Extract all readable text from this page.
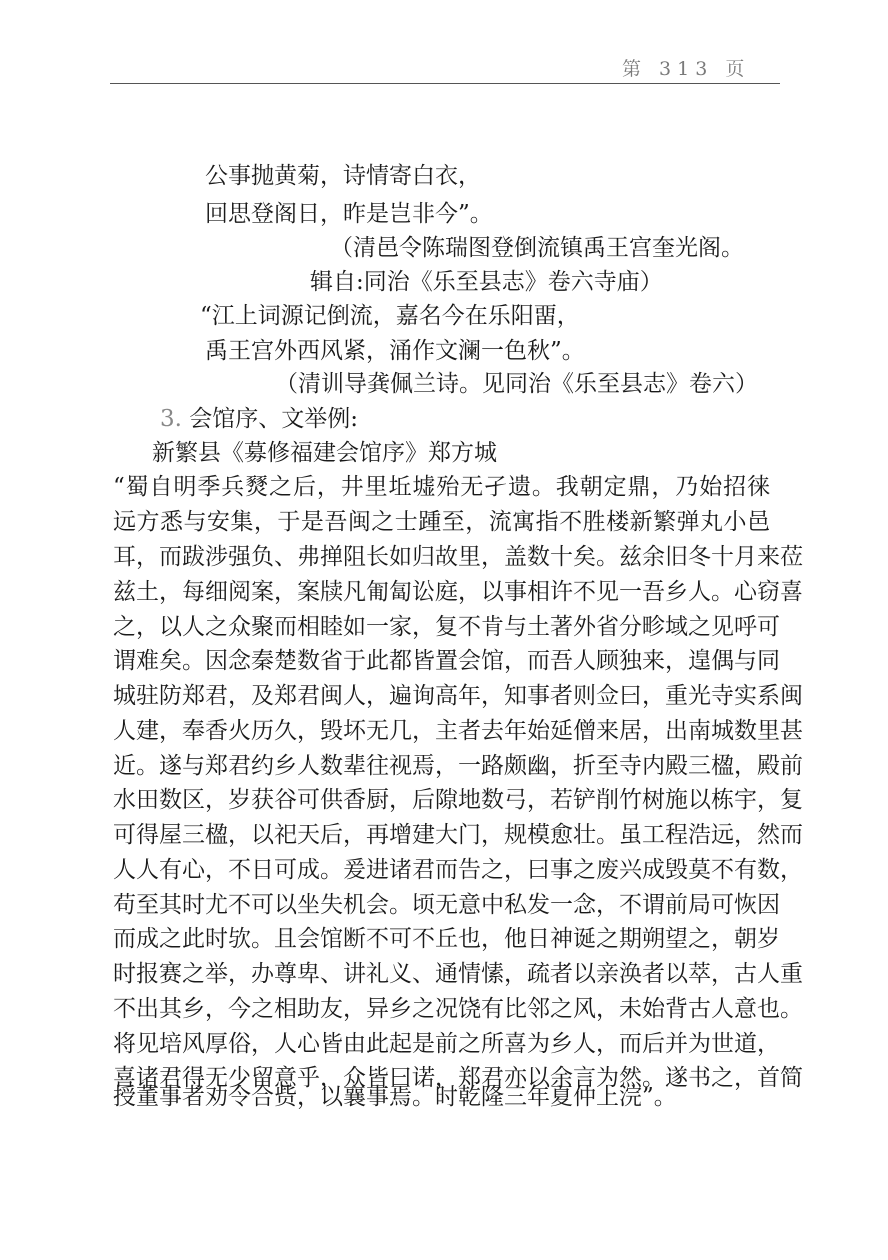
第 313 页
公事抛黄菊，诗情寄白衣，
回思登阁日，昨是岂非今”。
（清邑令陈瑞图登倒流镇禹王宫奎光阁。
辑自:同治《乐至县志》卷六寺庙）
“江上词源记倒流，嘉名今在乐阳畱，
禹王宫外西风紧，涌作文澜一色秋”。
（清训导龚佩兰诗。见同治《乐至县志》卷六）
3. 会馆序、文举例:
新繁县《募修福建会馆序》郑方城
“蜀自明季兵燹之后，井里坵墟殆无孑遗。我朝定鼎，乃始招徕
远方悉与安集，于是吾闽之士踵至，流寓指不胜楼新繁弹丸小邑
耳，而跋涉强负、弗掸阻长如归故里，盖数十矣。兹余旧冬十月来莅
兹土，每细阅案，案牍凡匍匐讼庭，以事相许不见一吾乡人。心窃喜
之，以人之众聚而相睦如一家，复不肯与土著外省分畛域之见呼可
谓难矣。因念秦楚数省于此都皆置会馆，而吾人顾独来，遑偶与同
城驻防郑君，及郑君闽人，遍询高年，知事者则佥曰，重光寺实系闽
人建，奉香火历久，毁坏无几，主者去年始延僧来居，出南城数里甚
近。遂与郑君约乡人数辈往视焉，一路颇幽，折至寺内殿三楹，殿前
水田数区，岁获谷可供香厨，后隙地数弓，若铲削竹树施以栋宇，复
可得屋三楹，以祀天后，再增建大门，规模愈壮。虽工程浩远，然而
人人有心，不日可成。爰进诸君而告之，曰事之废兴成毁莫不有数，
苟至其时尤不可以坐失机会。顷无意中私发一念，不谓前局可恢因
而成之此时欤。且会馆断不可不丘也，他日神诞之期朔望之，朝岁
时报赛之举，办尊卑、讲礼义、通情愫，疏者以亲涣者以萃，古人重
不出其乡，今之相助友，异乡之况饶有比邻之风，未始背古人意也。
将见培风厚俗，人心皆由此起是前之所喜为乡人，而后并为世道，
喜诸君得无少留意乎，众皆曰诺，郑君亦以余言为然。遂书之，首简
授董事者劝令合赀，以襄事焉。时乾隆三年夏仲上浣”。
